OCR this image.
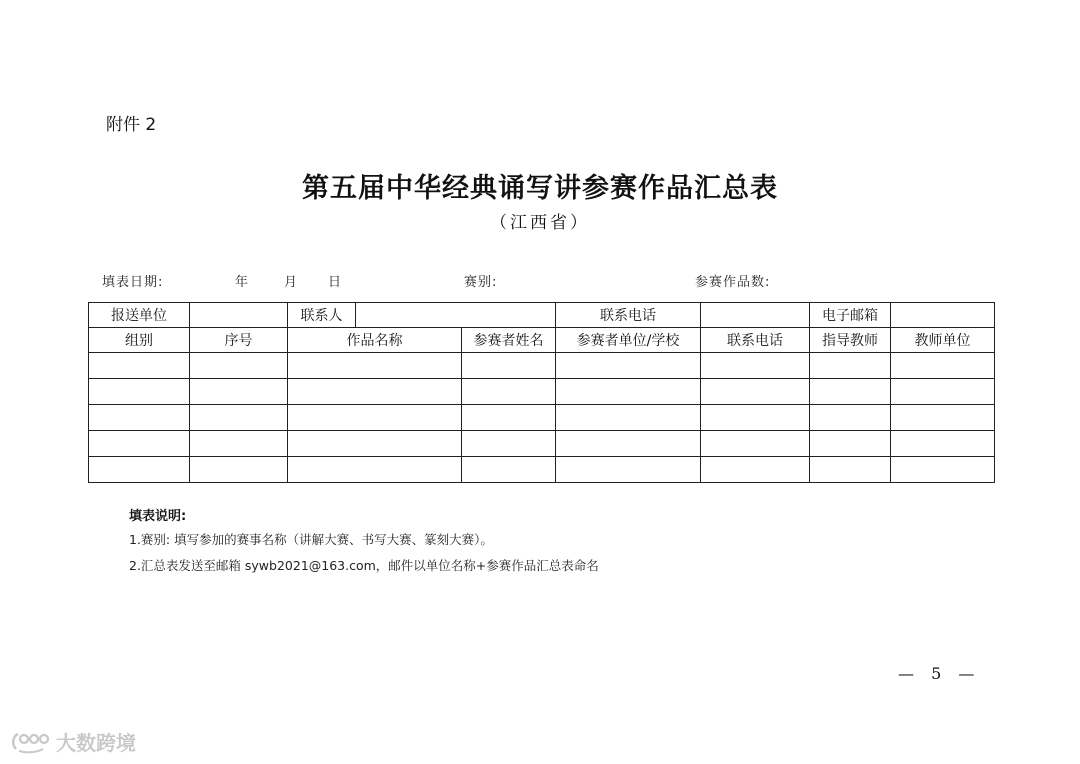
附件 2
第五届中华经典诵写讲参赛作品汇总表
（江西省）
填表日期:	年	月 日	赛别:	参赛作品数:
报送单位		联系人			联系电话		电子邮箱	
组别	序号	作品名称		参赛者姓名	参赛者单位/学校	联系电话	指导教师	教师单位

填表说明:
1.赛别: 填写参加的赛事名称（讲解大赛、书写大赛、篆刻大赛）。
2.汇总表发送至邮箱 sywb2021@163.com，邮件以单位名称+参赛作品汇总表命名
— 5 —
大数跨境
